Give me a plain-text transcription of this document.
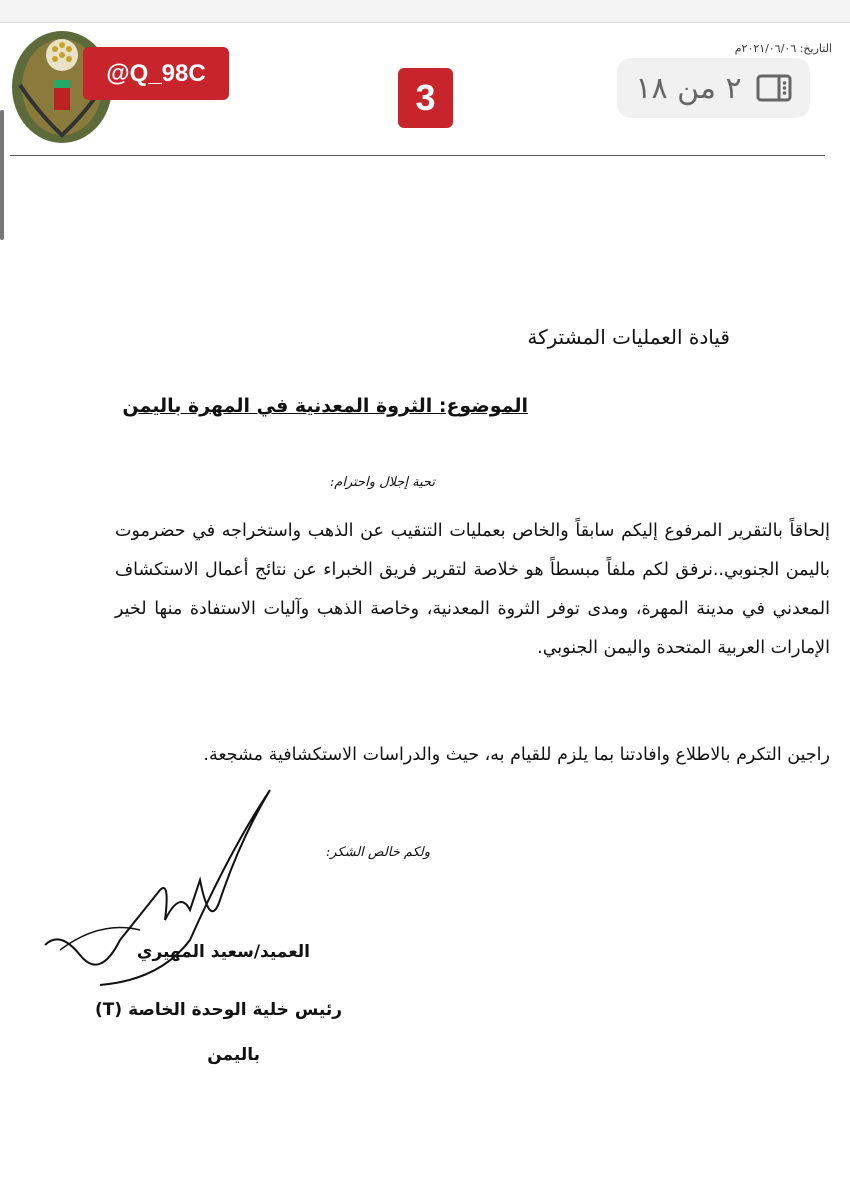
@Q_98C
3
التاريخ: ٢٠٢١/٠٦/٠٦م
٢ من ١٨
قيادة العمليات المشتركة
الموضوع: الثروة المعدنية في المهرة باليمن
تحية إجلال واحترام:
إلحاقاً بالتقرير المرفوع إليكم سابقاً والخاص بعمليات التنقيب عن الذهب واستخراجه في حضرموت باليمن الجنوبي..نرفق لكم ملفاً مبسطاً هو خلاصة لتقرير فريق الخبراء عن نتائج أعمال الاستكشاف المعدني في مدينة المهرة، ومدى توفر الثروة المعدنية، وخاصة الذهب وآليات الاستفادة منها لخير الإمارات العربية المتحدة واليمن الجنوبي.
راجين التكرم بالاطلاع وافادتنا بما يلزم للقيام به، حيث والدراسات الاستكشافية مشجعة.
ولكم خالص الشكر:
العميد/سعيد المهيري
رئيس خلية الوحدة الخاصة (T)
باليمن
